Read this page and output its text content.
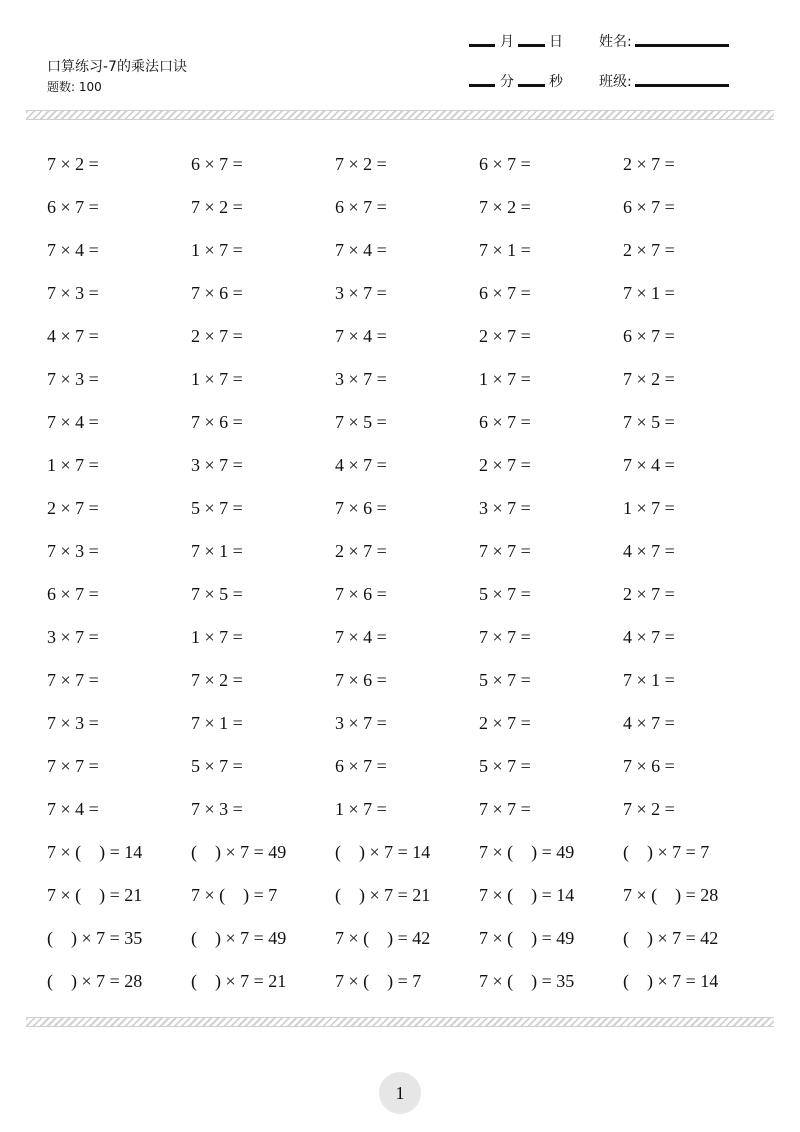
口算练习-7的乘法口诀
题数: 100
月	日	姓名:
分	秒	班级:
7 × 2 =	6 × 7 =	7 × 2 =	6 × 7 =	2 × 7 =
6 × 7 =	7 × 2 =	6 × 7 =	7 × 2 =	6 × 7 =
7 × 4 =	1 × 7 =	7 × 4 =	7 × 1 =	2 × 7 =
7 × 3 =	7 × 6 =	3 × 7 =	6 × 7 =	7 × 1 =
4 × 7 =	2 × 7 =	7 × 4 =	2 × 7 =	6 × 7 =
7 × 3 =	1 × 7 =	3 × 7 =	1 × 7 =	7 × 2 =
7 × 4 =	7 × 6 =	7 × 5 =	6 × 7 =	7 × 5 =
1 × 7 =	3 × 7 =	4 × 7 =	2 × 7 =	7 × 4 =
2 × 7 =	5 × 7 =	7 × 6 =	3 × 7 =	1 × 7 =
7 × 3 =	7 × 1 =	2 × 7 =	7 × 7 =	4 × 7 =
6 × 7 =	7 × 5 =	7 × 6 =	5 × 7 =	2 × 7 =
3 × 7 =	1 × 7 =	7 × 4 =	7 × 7 =	4 × 7 =
7 × 7 =	7 × 2 =	7 × 6 =	5 × 7 =	7 × 1 =
7 × 3 =	7 × 1 =	3 × 7 =	2 × 7 =	4 × 7 =
7 × 7 =	5 × 7 =	6 × 7 =	5 × 7 =	7 × 6 =
7 × 4 =	7 × 3 =	1 × 7 =	7 × 7 =	7 × 2 =
7 × (    ) = 14	(    ) × 7 = 49	(    ) × 7 = 14	7 × (    ) = 49	(    ) × 7 = 7
7 × (    ) = 21	7 × (    ) = 7	(    ) × 7 = 21	7 × (    ) = 14	7 × (    ) = 28
(    ) × 7 = 35	(    ) × 7 = 49	7 × (    ) = 42	7 × (    ) = 49	(    ) × 7 = 42
(    ) × 7 = 28	(    ) × 7 = 21	7 × (    ) = 7	7 × (    ) = 35	(    ) × 7 = 14
1
